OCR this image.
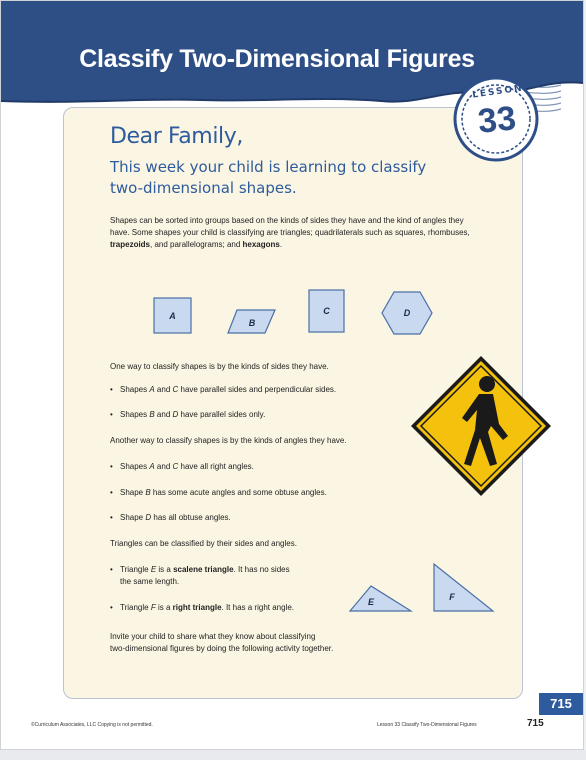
Classify Two-Dimensional Figures
LESSON
33
Dear Family,
This week your child is learning to classify
two-dimensional shapes.
Shapes can be sorted into groups based on the kinds of sides they have and the kind of angles they have. Some shapes your child is classifying are triangles; quadrilaterals such as squares, rhombuses, trapezoids, and parallelograms; and hexagons.
A
B
C	D
One way to classify shapes is by the kinds of sides they have.
• Shapes A and C have parallel sides and perpendicular sides.
• Shapes B and D have parallel sides only.
Another way to classify shapes is by the kinds of angles they have.
• Shapes A and C have all right angles.
• Shape B has some acute angles and some obtuse angles.
• Shape D has all obtuse angles.
Triangles can be classified by their sides and angles.
• Triangle E is a scalene triangle. It has no sides
the same length.
• Triangle F is a right triangle. It has a right angle.
E	F
Invite your child to share what they know about classifying
two-dimensional figures by doing the following activity together.
©Curriculum Associates, LLC Copying is not permitted.	Lesson 33 Classify Two-Dimensional Figures	715
715
